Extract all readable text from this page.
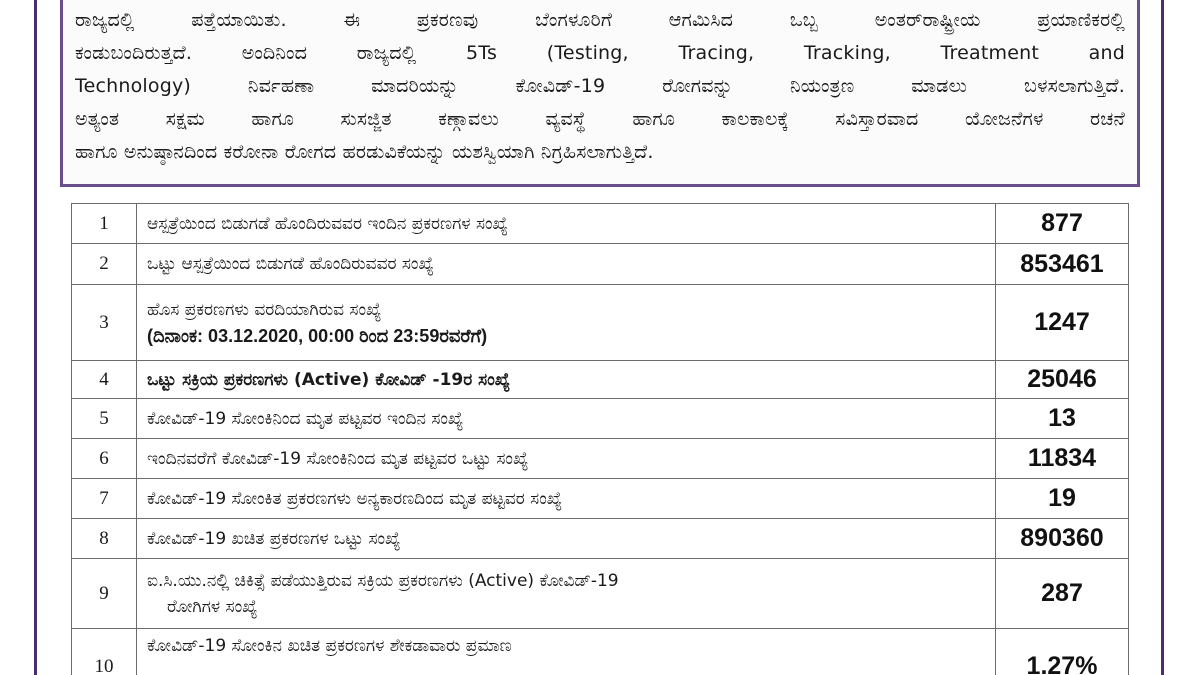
ರಾಜ್ಯದಲ್ಲಿ ಪತ್ತೆಯಾಯಿತು. ಈ ಪ್ರಕರಣವು ಬೆಂಗಳೂರಿಗೆ ಆಗಮಿಸಿದ ಒಬ್ಬ ಅಂತರ್‌ರಾಷ್ಟ್ರೀಯ ಪ್ರಯಾಣಿಕರಲ್ಲಿ
ಕಂಡುಬಂದಿರುತ್ತದೆ. ಅಂದಿನಿಂದ ರಾಜ್ಯದಲ್ಲಿ 5Ts (Testing, Tracing, Tracking, Treatment and
Technology) ನಿರ್ವಹಣಾ ಮಾದರಿಯನ್ನು ಕೋವಿಡ್‌-19 ರೋಗವನ್ನು ನಿಯಂತ್ರಣ ಮಾಡಲು ಬಳಸಲಾಗುತ್ತಿದೆ.
ಅತ್ಯಂತ ಸಕ್ಷಮ ಹಾಗೂ ಸುಸಜ್ಜಿತ ಕಣ್ಗಾವಲು ವ್ಯವಸ್ಥೆ ಹಾಗೂ ಕಾಲಕಾಲಕ್ಕೆ ಸವಿಸ್ತಾರವಾದ ಯೋಜನೆಗಳ ರಚನೆ
ಹಾಗೂ ಅನುಷ್ಠಾನದಿಂದ ಕರೋನಾ ರೋಗದ ಹರಡುವಿಕೆಯನ್ನು ಯಶಸ್ವಿಯಾಗಿ ನಿಗ್ರಹಿಸಲಾಗುತ್ತಿದೆ.
1	ಆಸ್ಪತ್ರೆಯಿಂದ ಬಿಡುಗಡೆ ಹೊಂದಿರುವವರ ಇಂದಿನ ಪ್ರಕರಣಗಳ ಸಂಖ್ಯೆ	877
2	ಒಟ್ಟು ಆಸ್ಪತ್ರೆಯಿಂದ ಬಿಡುಗಡೆ ಹೊಂದಿರುವವರ ಸಂಖ್ಯೆ	853461
3	ಹೊಸ ಪ್ರಕರಣಗಳು ವರದಿಯಾಗಿರುವ ಸಂಖ್ಯೆ
(ದಿನಾಂಕ: 03.12.2020, 00:00 ರಿಂದ 23:59ರವರೆಗೆ)	1247
4	ಒಟ್ಟು ಸಕ್ರಿಯ ಪ್ರಕರಣಗಳು (Active) ಕೋವಿಡ್‌ -19ರ ಸಂಖ್ಯೆ	25046
5	ಕೋವಿಡ್‌-19 ಸೋಂಕಿನಿಂದ ಮೃತ ಪಟ್ಟವರ ಇಂದಿನ ಸಂಖ್ಯೆ	13
6	ಇಂದಿನವರೆಗೆ ಕೋವಿಡ್‌-19 ಸೋಂಕಿನಿಂದ ಮೃತ ಪಟ್ಟವರ ಒಟ್ಟು ಸಂಖ್ಯೆ	11834
7	ಕೋವಿಡ್‌-19 ಸೋಂಕಿತ ಪ್ರಕರಣಗಳು ಅನ್ಯಕಾರಣದಿಂದ ಮೃತ ಪಟ್ಟವರ ಸಂಖ್ಯೆ	19
8	ಕೋವಿಡ್‌-19 ಖಚಿತ ಪ್ರಕರಣಗಳ ಒಟ್ಟು ಸಂಖ್ಯೆ	890360
9	ಐ.ಸಿ.ಯು.ನಲ್ಲಿ ಚಿಕಿತ್ಸೆ ಪಡೆಯುತ್ತಿರುವ ಸಕ್ರಿಯ ಪ್ರಕರಣಗಳು (Active) ಕೋವಿಡ್‌-19
ರೋಗಿಗಳ ಸಂಖ್ಯೆ	287
10	ಕೋವಿಡ್‌-19 ಸೋಂಕಿನ ಖಚಿತ ಪ್ರಕರಣಗಳ ಶೇಕಡಾವಾರು ಪ್ರಮಾಣ	1.27%
